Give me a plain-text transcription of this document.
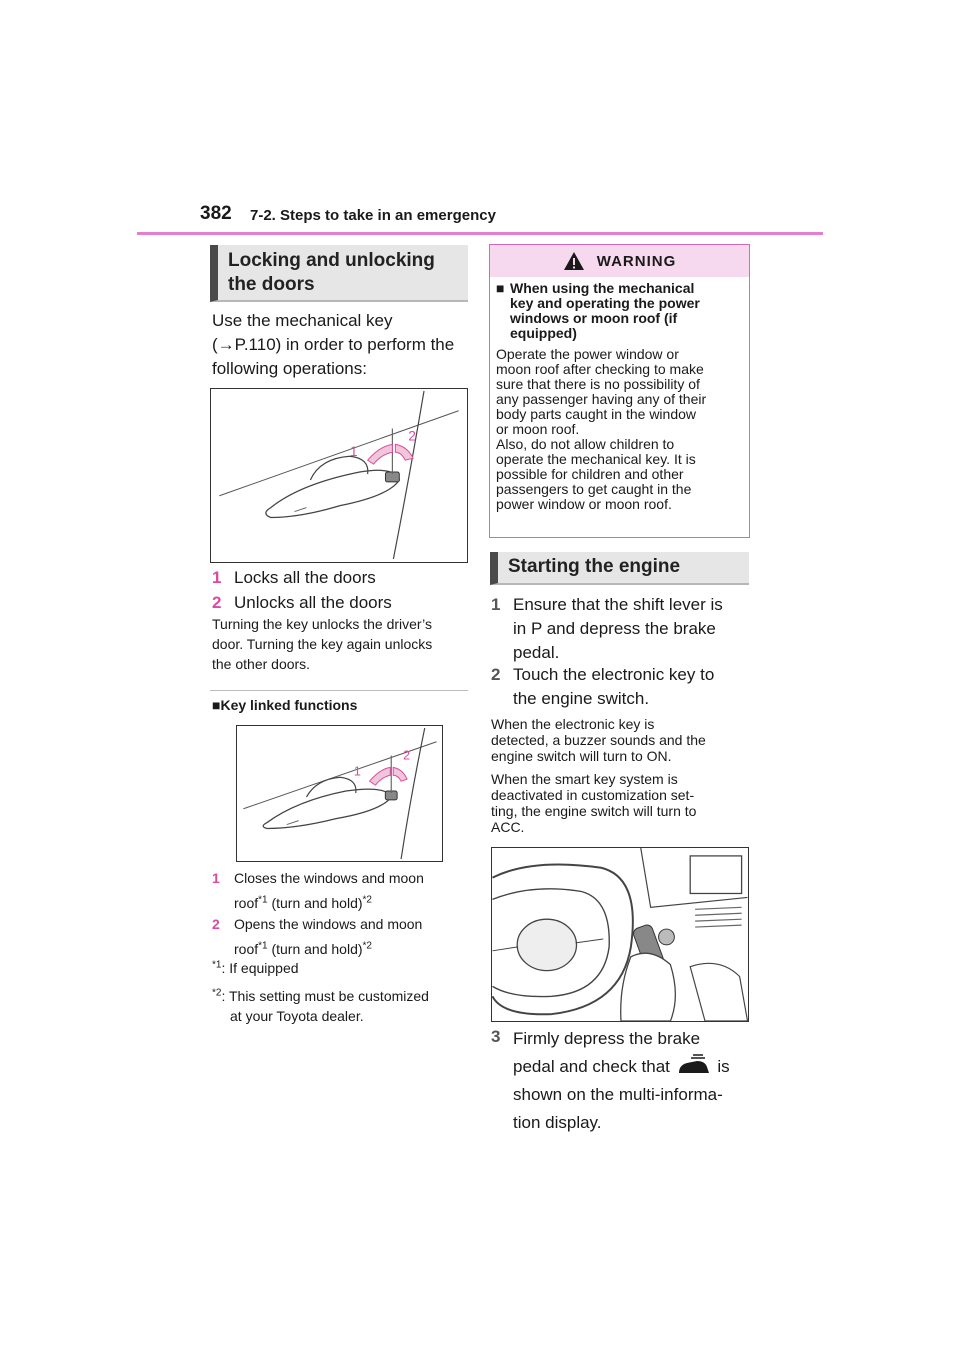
382 7-2. Steps to take in an emergency
Locking and unlocking
the doors
Use the mechanical key
(→P.110) in order to perform the
following operations:
1
2
1 Locks all the doors
2 Unlocks all the doors
Turning the key unlocks the driver’s
door. Turning the key again unlocks
the other doors.
■Key linked functions
1
2
1	Closes the windows and moon
roof$^{*1}$ (turn and hold)$^{*2}$
2	Opens the windows and moon
roof$^{*1}$ (turn and hold)$^{*2}$
$^{*1}$: If equipped
$^{*2}$: This setting must be customized
at your Toyota dealer.
WARNING
■ When using the mechanical
key and operating the power
windows or moon roof (if
equipped)
Operate the power window or
moon roof after checking to make
sure that there is no possibility of
any passenger having any of their
body parts caught in the window
or moon roof.
Also, do not allow children to
operate the mechanical key. It is
possible for children and other
passengers to get caught in the
power window or moon roof.
Starting the engine
1 Ensure that the shift lever is
in P and depress the brake
pedal.
2 Touch the electronic key to
the engine switch.
When the electronic key is
detected, a buzzer sounds and the
engine switch will turn to ON.
When the smart key system is
deactivated in customization set-
ting, the engine switch will turn to
ACC.
3 Firmly depress the brake
pedal and check that	is
shown on the multi-informa-
tion display.
